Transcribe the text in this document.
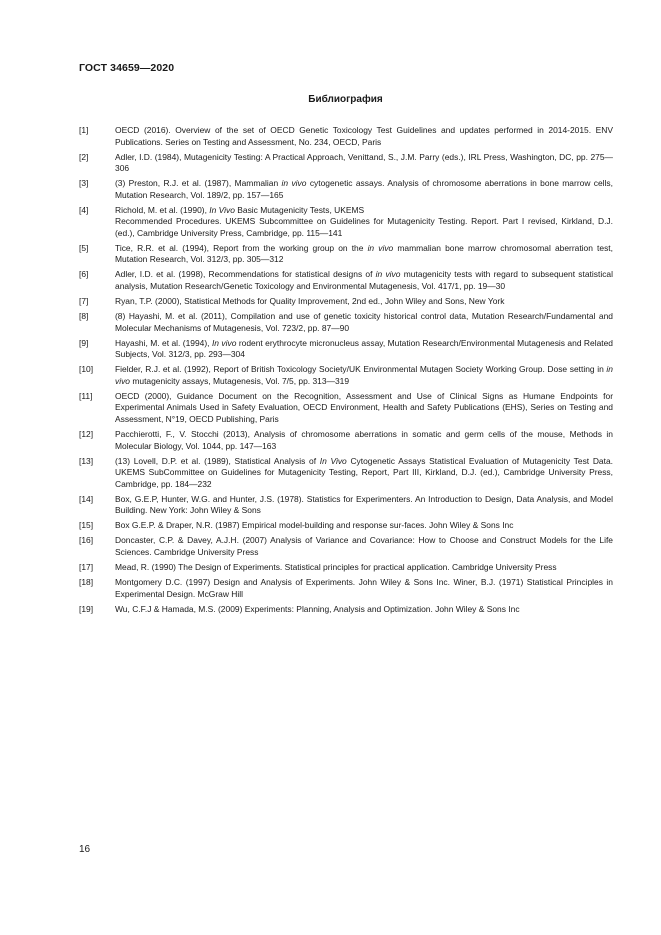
ГОСТ 34659—2020
Библиография
[1]	OECD (2016). Overview of the set of OECD Genetic Toxicology Test Guidelines and updates performed in 2014-2015. ENV Publications. Series on Testing and Assessment, No. 234, OECD, Paris
[2]	Adler, I.D. (1984), Mutagenicity Testing: A Practical Approach, Venittand, S., J.M. Parry (eds.), IRL Press, Washington, DC, pp. 275—306
[3]	(3) Preston, R.J. et al. (1987), Mammalian in vivo cytogenetic assays. Analysis of chromosome aberrations in bone marrow cells, Mutation Research, Vol. 189/2, pp. 157—165
[4]	Richold, M. et al. (1990), In Vivo Basic Mutagenicity Tests, UKEMS
Recommended Procedures. UKEMS Subcommittee on Guidelines for Mutagenicity Testing. Report. Part I revised, Kirkland, D.J. (ed.), Cambridge University Press, Cambridge, pp. 115—141
[5]	Tice, R.R. et al. (1994), Report from the working group on the in vivo mammalian bone marrow chromosomal aberration test, Mutation Research, Vol. 312/3, pp. 305—312
[6]	Adler, I.D. et al. (1998), Recommendations for statistical designs of in vivo mutagenicity tests with regard to subsequent statistical analysis, Mutation Research/Genetic Toxicology and Environmental Mutagenesis, Vol. 417/1, pp. 19—30
[7]	Ryan, T.P. (2000), Statistical Methods for Quality Improvement, 2nd ed., John Wiley and Sons, New York
[8]	(8) Hayashi, M. et al. (2011), Compilation and use of genetic toxicity historical control data, Mutation Research/Fundamental and Molecular Mechanisms of Mutagenesis, Vol. 723/2, pp. 87—90
[9]	Hayashi, M. et al. (1994), In vivo rodent erythrocyte micronucleus assay, Mutation Research/Environmental Mutagenesis and Related Subjects, Vol. 312/3, pp. 293—304
[10]	Fielder, R.J. et al. (1992), Report of British Toxicology Society/UK Environmental Mutagen Society Working Group. Dose setting in in vivo mutagenicity assays, Mutagenesis, Vol. 7/5, pp. 313—319
[11]	OECD (2000), Guidance Document on the Recognition, Assessment and Use of Clinical Signs as Humane Endpoints for Experimental Animals Used in Safety Evaluation, OECD Environment, Health and Safety Publications (EHS), Series on Testing and Assessment, N°19, OECD Publishing, Paris
[12]	Pacchierotti, F., V. Stocchi (2013), Analysis of chromosome aberrations in somatic and germ cells of the mouse, Methods in Molecular Biology, Vol. 1044, pp. 147—163
[13]	(13) Lovell, D.P. et al. (1989), Statistical Analysis of In Vivo Cytogenetic Assays Statistical Evaluation of Mutagenicity Test Data. UKEMS SubCommittee on Guidelines for Mutagenicity Testing, Report, Part III, Kirkland, D.J. (ed.), Cambridge University Press, Cambridge, pp. 184—232
[14]	Box, G.E.P, Hunter, W.G. and Hunter, J.S. (1978). Statistics for Experimenters. An Introduction to Design, Data Analysis, and Model Building. New York: John Wiley & Sons
[15]	Box G.E.P. & Draper, N.R. (1987) Empirical model-building and response sur-faces. John Wiley & Sons Inc
[16]	Doncaster, C.P. & Davey, A.J.H. (2007) Analysis of Variance and Covariance: How to Choose and Construct Models for the Life Sciences. Cambridge University Press
[17]	Mead, R. (1990) The Design of Experiments. Statistical principles for practical application. Cambridge University Press
[18]	Montgomery D.C. (1997) Design and Analysis of Experiments. John Wiley & Sons Inc. Winer, B.J. (1971) Statistical Principles in Experimental Design. McGraw Hill
[19]	Wu, C.F.J & Hamada, M.S. (2009) Experiments: Planning, Analysis and Optimization. John Wiley & Sons Inc
16
